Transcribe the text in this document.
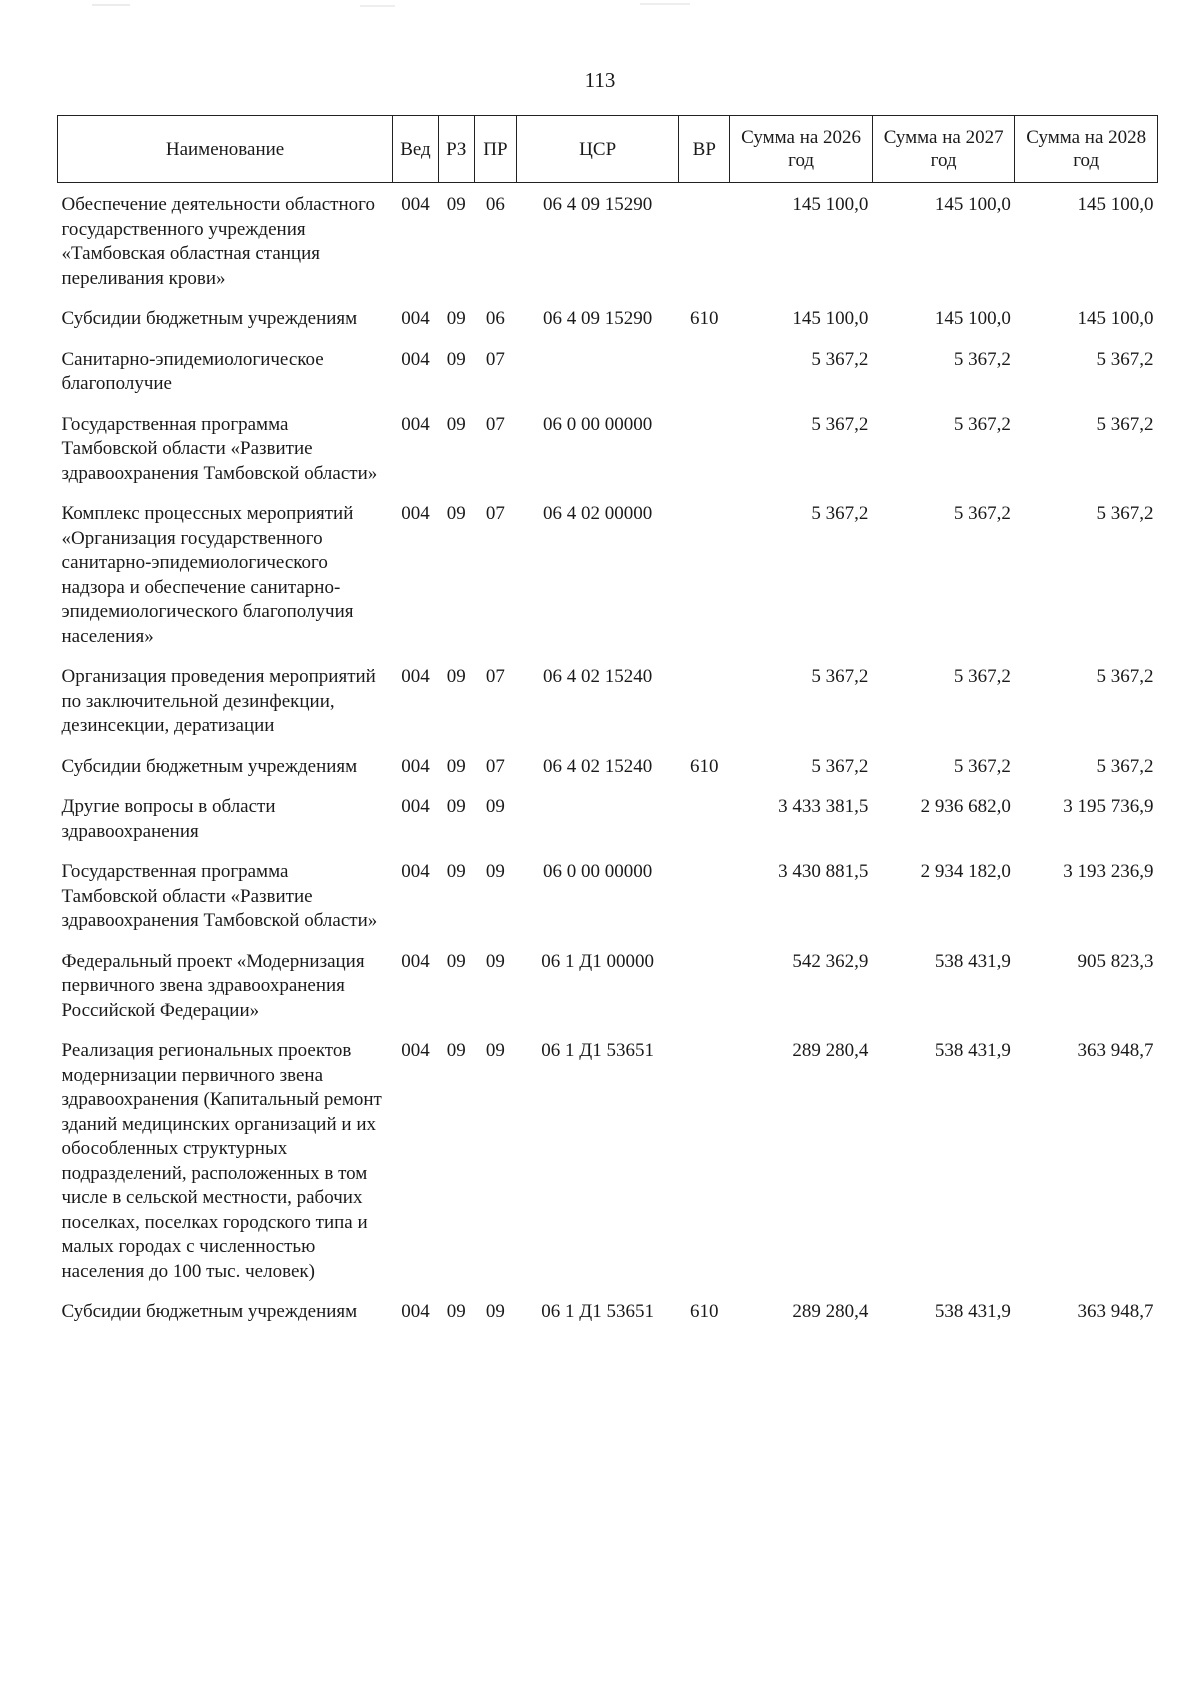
113
Наименование	Вед	РЗ	ПР	ЦСР	ВР	Сумма на 2026 год	Сумма на 2027 год	Сумма на 2028 год
Обеспечение деятельности областного государственного учреждения «Тамбовская областная станция переливания крови»	004	09	06	06 4 09 15290		145 100,0	145 100,0	145 100,0
Субсидии бюджетным учреждениям	004	09	06	06 4 09 15290	610	145 100,0	145 100,0	145 100,0
Санитарно-эпидемиологическое благополучие	004	09	07			5 367,2	5 367,2	5 367,2
Государственная программа Тамбовской области «Развитие здравоохранения Тамбовской области»	004	09	07	06 0 00 00000		5 367,2	5 367,2	5 367,2
Комплекс процессных мероприятий «Организация государственного санитарно-эпидемиологического надзора и обеспечение санитарно-эпидемиологического благополучия населения»	004	09	07	06 4 02 00000		5 367,2	5 367,2	5 367,2
Организация проведения мероприятий по заключительной дезинфекции, дезинсекции, дератизации	004	09	07	06 4 02 15240		5 367,2	5 367,2	5 367,2
Субсидии бюджетным учреждениям	004	09	07	06 4 02 15240	610	5 367,2	5 367,2	5 367,2
Другие вопросы в области здравоохранения	004	09	09			3 433 381,5	2 936 682,0	3 195 736,9
Государственная программа Тамбовской области «Развитие здравоохранения Тамбовской области»	004	09	09	06 0 00 00000		3 430 881,5	2 934 182,0	3 193 236,9
Федеральный проект «Модернизация первичного звена здравоохранения Российской Федерации»	004	09	09	06 1 Д1 00000		542 362,9	538 431,9	905 823,3
Реализация региональных проектов модернизации первичного звена здравоохранения (Капитальный ремонт зданий медицинских организаций и их обособленных структурных подразделений, расположенных в том числе в сельской местности, рабочих поселках, поселках городского типа и малых городах с численностью населения до 100 тыс. человек)	004	09	09	06 1 Д1 53651		289 280,4	538 431,9	363 948,7
Субсидии бюджетным учреждениям	004	09	09	06 1 Д1 53651	610	289 280,4	538 431,9	363 948,7
